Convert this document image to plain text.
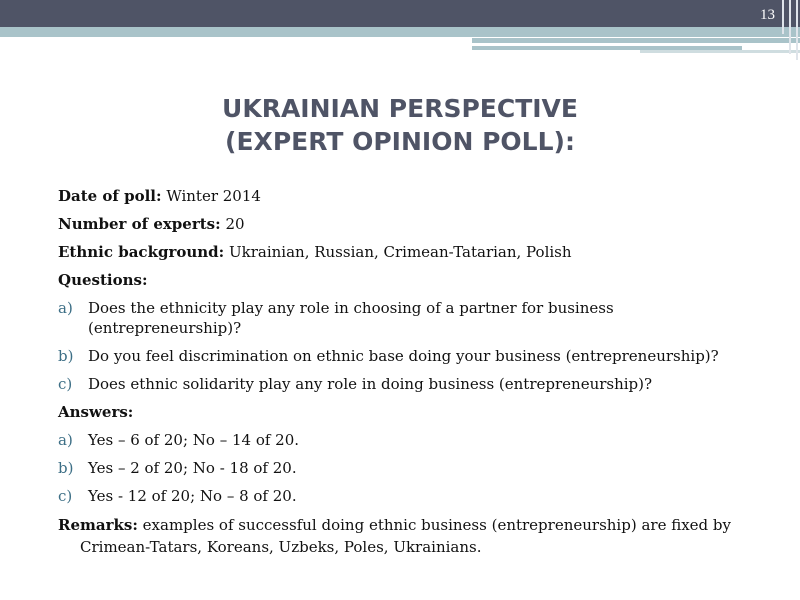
13
UKRAINIAN PERSPECTIVE
(EXPERT OPINION POLL):
Date of poll: Winter 2014
Number of experts: 20
Ethnic background: Ukrainian, Russian, Crimean-Tatarian, Polish
Questions:
a) Does the ethnicity play any role in choosing of a partner for business (entrepreneurship)?
b) Do you feel discrimination on ethnic base doing your business (entrepreneurship)?
c) Does ethnic solidarity play any role in doing business (entrepreneurship)?
Answers:
a) Yes – 6 of 20; No – 14 of 20.
b) Yes – 2 of 20; No - 18 of 20.
c) Yes - 12 of 20; No – 8 of 20.
Remarks: examples of successful doing ethnic business (entrepreneurship) are fixed by Crimean-Tatars, Koreans, Uzbeks, Poles, Ukrainians.
